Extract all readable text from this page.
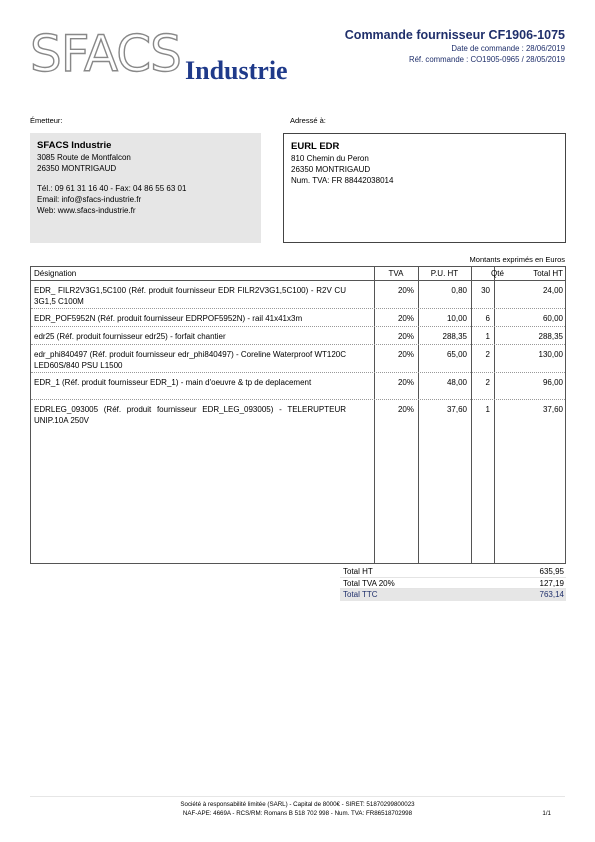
SFACS Industrie
Commande fournisseur CF1906-1075
Date de commande : 28/06/2019
Réf. commande : CO1905-0965 / 28/05/2019
Émetteur:
SFACS Industrie
3085 Route de Montfalcon
26350 MONTRIGAUD
Tél.: 09 61 31 16 40 - Fax: 04 86 55 63 01
Email: info@sfacs-industrie.fr
Web: www.sfacs-industrie.fr
Adressé à:
EURL EDR
810 Chemin du Peron
26350 MONTRIGAUD
Num. TVA: FR 88442038014
Montants exprimés en Euros
Désignation	TVA	P.U. HT	Qté	Total HT
EDR_ FILR2V3G1,5C100 (Réf. produit fournisseur EDR FILR2V3G1,5C100) - R2V CU 3G1,5 C100M
20%	0,80	30	24,00
EDR_POF5952N (Réf. produit fournisseur EDRPOF5952N) - rail 41x41x3m	20%	10,00	6	60,00
edr25 (Réf. produit fournisseur edr25) - forfait chantier	20%	288,35	1	288,35
edr_phi840497 (Réf. produit fournisseur edr_phi840497) - Coreline Waterproof WT120C LED60S/840 PSU L1500
20%	65,00	2	130,00
EDR_1 (Réf. produit fournisseur EDR_1) - main d'oeuvre & tp de deplacement	20%	48,00	2	96,00
EDRLEG_093005 (Réf. produit fournisseur EDR_LEG_093005) - TELERUPTEUR UNIP.10A 250V
20%	37,60	1	37,60
Total HT	635,95
Total TVA 20%	127,19
Total TTC	763,14
Société à responsabilité limitée (SARL) - Capital de 8000€ - SIRET: 51870299800023
NAF-APE: 4669A - RCS/RM: Romans B 518 702 998 - Num. TVA: FR86518702998	1/1
